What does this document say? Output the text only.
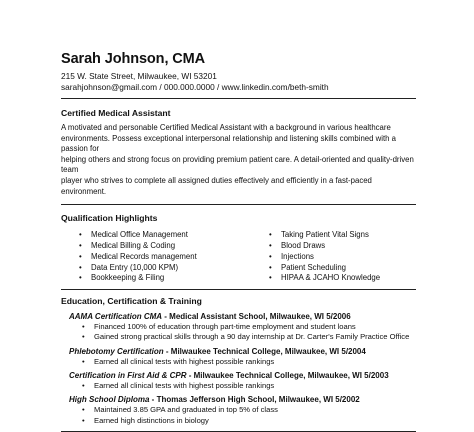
Sarah Johnson, CMA
215 W. State Street, Milwaukee, WI 53201
sarahjohnson@gmail.com / 000.000.0000 / www.linkedin.com/beth-smith
Certified Medical Assistant
A motivated and personable Certified Medical Assistant with a background in various healthcare
environments. Possess exceptional interpersonal relationship and listening skills combined with a passion for
helping others and strong focus on providing premium patient care. A detail-oriented and quality-driven team
player who strives to complete all assigned duties effectively and efficiently in a fast-paced environment.
Qualification Highlights
• Medical Office Management
• Medical Billing & Coding
• Medical Records management
• Data Entry (10,000 KPM)
• Bookkeeping & Filing
• Taking Patient Vital Signs
• Blood Draws
• Injections
• Patient Scheduling
• HIPAA & JCAHO Knowledge
Education, Certification & Training
AAMA Certification CMA - Medical Assistant School, Milwaukee, WI 5/2006
• Financed 100% of education through part-time employment and student loans
• Gained strong practical skills through a 90 day internship at Dr. Carter's Family Practice Office
Phlebotomy Certification - Milwaukee Technical College, Milwaukee, WI 5/2004
• Earned all clinical tests with highest possible rankings
Certification in First Aid & CPR - Milwaukee Technical College, Milwaukee, WI 5/2003
• Earned all clinical tests with highest possible rankings
High School Diploma - Thomas Jefferson High School, Milwaukee, WI 5/2002
• Maintained 3.85 GPA and graduated in top 5% of class
• Earned high distinctions in biology
